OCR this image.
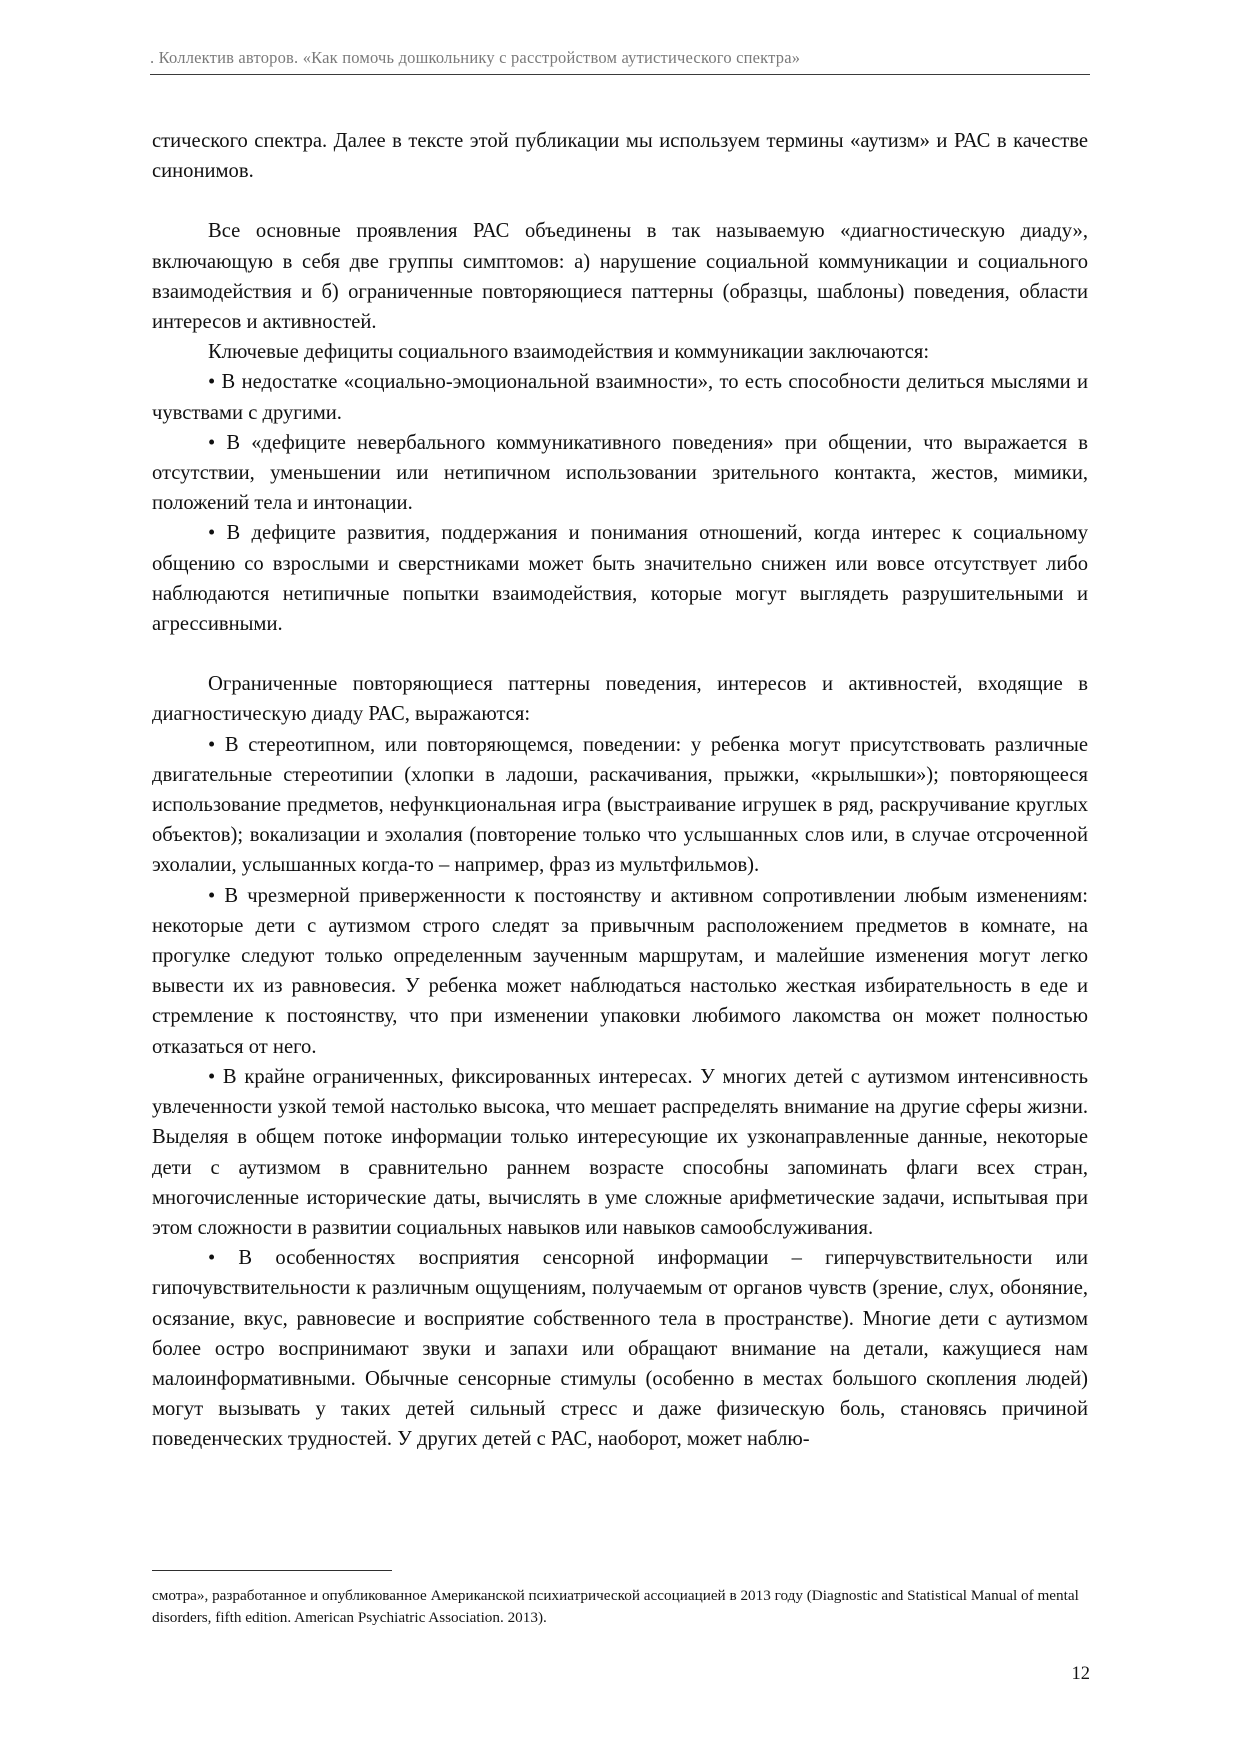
. Коллектив авторов. «Как помочь дошкольнику с расстройством аутистического спектра»

стического спектра. Далее в тексте этой публикации мы используем термины «аутизм» и РАС в качестве синонимов.

Все основные проявления РАС объединены в так называемую «диагностическую диаду», включающую в себя две группы симптомов: а) нарушение социальной коммуникации и социального взаимодействия и б) ограниченные повторяющиеся паттерны (образцы, шаблоны) поведения, области интересов и активностей.

Ключевые дефициты социального взаимодействия и коммуникации заключаются:

• В недостатке «социально-эмоциональной взаимности», то есть способности делиться мыслями и чувствами с другими.

• В «дефиците невербального коммуникативного поведения» при общении, что выражается в отсутствии, уменьшении или нетипичном использовании зрительного контакта, жестов, мимики, положений тела и интонации.

• В дефиците развития, поддержания и понимания отношений, когда интерес к социальному общению со взрослыми и сверстниками может быть значительно снижен или вовсе отсутствует либо наблюдаются нетипичные попытки взаимодействия, которые могут выглядеть разрушительными и агрессивными.

Ограниченные повторяющиеся паттерны поведения, интересов и активностей, входящие в диагностическую диаду РАС, выражаются:

• В стереотипном, или повторяющемся, поведении: у ребенка могут присутствовать различные двигательные стереотипии (хлопки в ладоши, раскачивания, прыжки, «крылышки»); повторяющееся использование предметов, нефункциональная игра (выстраивание игрушек в ряд, раскручивание круглых объектов); вокализации и эхолалия (повторение только что услышанных слов или, в случае отсроченной эхолалии, услышанных когда-то – например, фраз из мультфильмов).

• В чрезмерной приверженности к постоянству и активном сопротивлении любым изменениям: некоторые дети с аутизмом строго следят за привычным расположением предметов в комнате, на прогулке следуют только определенным заученным маршрутам, и малейшие изменения могут легко вывести их из равновесия. У ребенка может наблюдаться настолько жесткая избирательность в еде и стремление к постоянству, что при изменении упаковки любимого лакомства он может полностью отказаться от него.

• В крайне ограниченных, фиксированных интересах. У многих детей с аутизмом интенсивность увлеченности узкой темой настолько высока, что мешает распределять внимание на другие сферы жизни. Выделяя в общем потоке информации только интересующие их узконаправленные данные, некоторые дети с аутизмом в сравнительно раннем возрасте способны запоминать флаги всех стран, многочисленные исторические даты, вычислять в уме сложные арифметические задачи, испытывая при этом сложности в развитии социальных навыков или навыков самообслуживания.

• В особенностях восприятия сенсорной информации – гиперчувствительности или гипочувствительности к различным ощущениям, получаемым от органов чувств (зрение, слух, обоняние, осязание, вкус, равновесие и восприятие собственного тела в пространстве). Многие дети с аутизмом более остро воспринимают звуки и запахи или обращают внимание на детали, кажущиеся нам малоинформативными. Обычные сенсорные стимулы (особенно в местах большого скопления людей) могут вызывать у таких детей сильный стресс и даже физическую боль, становясь причиной поведенческих трудностей. У других детей с РАС, наоборот, может наблю-

смотра», разработанное и опубликованное Американской психиатрической ассоциацией в 2013 году (Diagnostic and Statistical Manual of mental disorders, fifth edition. American Psychiatric Association. 2013).

12
